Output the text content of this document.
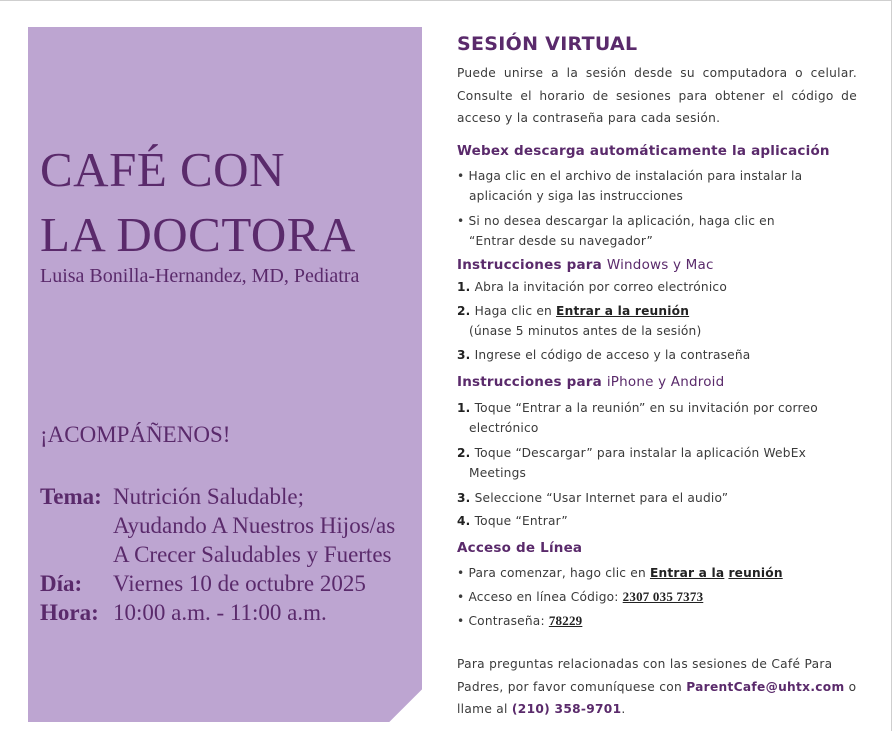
CAFÉ CON
LA DOCTORA
Luisa Bonilla-Hernandez, MD, Pediatra
¡ACOMPÁÑENOS!
Tema: Nutrición Saludable;
Ayudando A Nuestros Hijos/as
A Crecer Saludables y Fuertes
Día: Viernes 10 de octubre 2025
Hora: 10:00 a.m. - 11:00 a.m.
SESIÓN VIRTUAL
Puede unirse a la sesión desde su computadora o celular. Consulte el horario de sesiones para obtener el código de acceso y la contraseña para cada sesión.
Webex descarga automáticamente la aplicación
• Haga clic en el archivo de instalación para instalar la
aplicación y siga las instrucciones
• Si no desea descargar la aplicación, haga clic en
“Entrar desde su navegador”
Instrucciones para Windows y Mac
1. Abra la invitación por correo electrónico
2. Haga clic en Entrar a la reunión
(únase 5 minutos antes de la sesión)
3. Ingrese el código de acceso y la contraseña
Instrucciones para iPhone y Android
1. Toque “Entrar a la reunión” en su invitación por correo
electrónico
2. Toque “Descargar” para instalar la aplicación WebEx
Meetings
3. Seleccione “Usar Internet para el audio”
4. Toque “Entrar”
Acceso de Línea
• Para comenzar, hago clic en Entrar a la reunión
• Acceso en línea Código: 2307 035 7373
• Contraseña: 78229
Para preguntas relacionadas con las sesiones de Café Para
Padres, por favor comuníquese con ParentCafe@uhtx.com o
llame al (210) 358-9701.
